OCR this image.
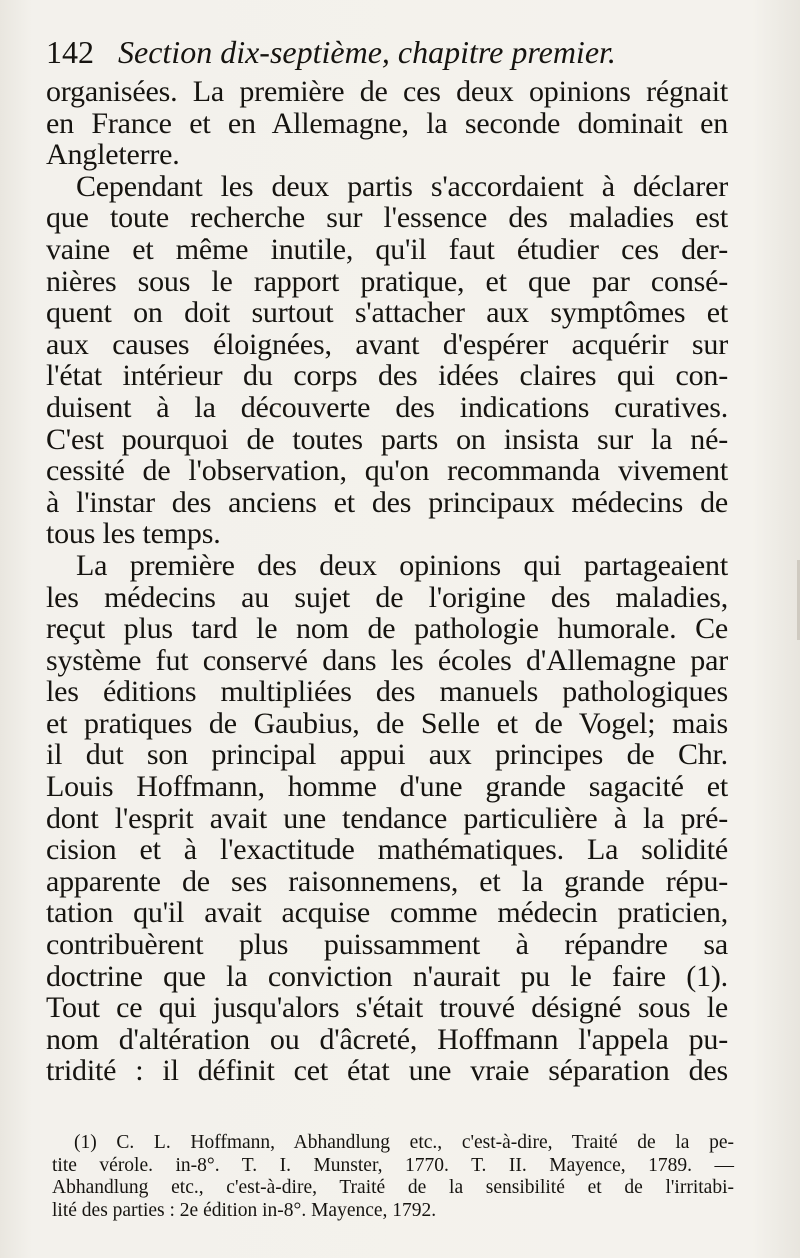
142 Section dix-septième, chapitre premier.
organisées. La première de ces deux opinions régnait
en France et en Allemagne, la seconde dominait en
Angleterre.
Cependant les deux partis s'accordaient à déclarer
que toute recherche sur l'essence des maladies est
vaine et même inutile, qu'il faut étudier ces der-
nières sous le rapport pratique, et que par consé-
quent on doit surtout s'attacher aux symptômes et
aux causes éloignées, avant d'espérer acquérir sur
l'état intérieur du corps des idées claires qui con-
duisent à la découverte des indications curatives.
C'est pourquoi de toutes parts on insista sur la né-
cessité de l'observation, qu'on recommanda vivement
à l'instar des anciens et des principaux médecins de
tous les temps.
La première des deux opinions qui partageaient
les médecins au sujet de l'origine des maladies,
reçut plus tard le nom de pathologie humorale. Ce
système fut conservé dans les écoles d'Allemagne par
les éditions multipliées des manuels pathologiques
et pratiques de Gaubius, de Selle et de Vogel; mais
il dut son principal appui aux principes de Chr.
Louis Hoffmann, homme d'une grande sagacité et
dont l'esprit avait une tendance particulière à la pré-
cision et à l'exactitude mathématiques. La solidité
apparente de ses raisonnemens, et la grande répu-
tation qu'il avait acquise comme médecin praticien,
contribuèrent plus puissamment à répandre sa
doctrine que la conviction n'aurait pu le faire (1).
Tout ce qui jusqu'alors s'était trouvé désigné sous le
nom d'altération ou d'âcreté, Hoffmann l'appela pu-
tridité : il définit cet état une vraie séparation des
(1) C. L. Hoffmann, Abhandlung etc., c'est-à-dire, Traité de la pe-
tite vérole. in-8°. T. I. Munster, 1770. T. II. Mayence, 1789. —
Abhandlung etc., c'est-à-dire, Traité de la sensibilité et de l'irritabi-
lité des parties : 2e édition in-8°. Mayence, 1792.
